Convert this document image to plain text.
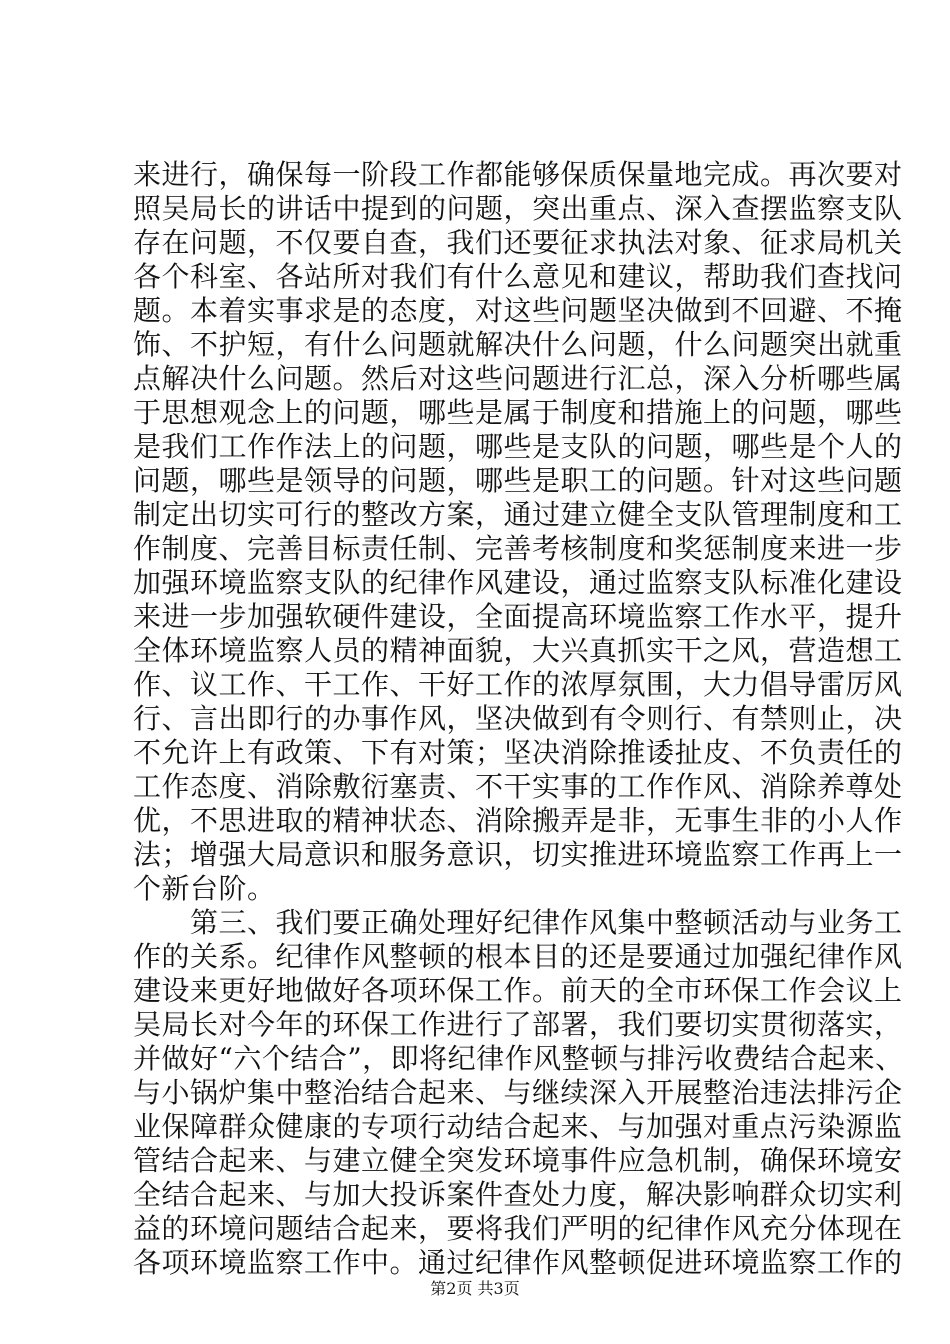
来进行，确保每一阶段工作都能够保质保量地完成。再次要对
照吴局长的讲话中提到的问题，突出重点、深入查摆监察支队
存在问题，不仅要自查，我们还要征求执法对象、征求局机关
各个科室、各站所对我们有什么意见和建议，帮助我们查找问
题。本着实事求是的态度，对这些问题坚决做到不回避、不掩
饰、不护短，有什么问题就解决什么问题，什么问题突出就重
点解决什么问题。然后对这些问题进行汇总，深入分析哪些属
于思想观念上的问题，哪些是属于制度和措施上的问题，哪些
是我们工作作法上的问题，哪些是支队的问题，哪些是个人的
问题，哪些是领导的问题，哪些是职工的问题。针对这些问题
制定出切实可行的整改方案，通过建立健全支队管理制度和工
作制度、完善目标责任制、完善考核制度和奖惩制度来进一步
加强环境监察支队的纪律作风建设，通过监察支队标准化建设
来进一步加强软硬件建设，全面提高环境监察工作水平，提升
全体环境监察人员的精神面貌，大兴真抓实干之风，营造想工
作、议工作、干工作、干好工作的浓厚氛围，大力倡导雷厉风
行、言出即行的办事作风，坚决做到有令则行、有禁则止，决
不允许上有政策、下有对策；坚决消除推诿扯皮、不负责任的
工作态度、消除敷衍塞责、不干实事的工作作风、消除养尊处
优，不思进取的精神状态、消除搬弄是非，无事生非的小人作
法；增强大局意识和服务意识，切实推进环境监察工作再上一
个新台阶。
　　第三、我们要正确处理好纪律作风集中整顿活动与业务工
作的关系。纪律作风整顿的根本目的还是要通过加强纪律作风
建设来更好地做好各项环保工作。前天的全市环保工作会议上
吴局长对今年的环保工作进行了部署，我们要切实贯彻落实，
并做好“六个结合”，即将纪律作风整顿与排污收费结合起来、
与小锅炉集中整治结合起来、与继续深入开展整治违法排污企
业保障群众健康的专项行动结合起来、与加强对重点污染源监
管结合起来、与建立健全突发环境事件应急机制，确保环境安
全结合起来、与加大投诉案件查处力度，解决影响群众切实利
益的环境问题结合起来，要将我们严明的纪律作风充分体现在
各项环境监察工作中。通过纪律作风整顿促进环境监察工作的
第2页 共3页
